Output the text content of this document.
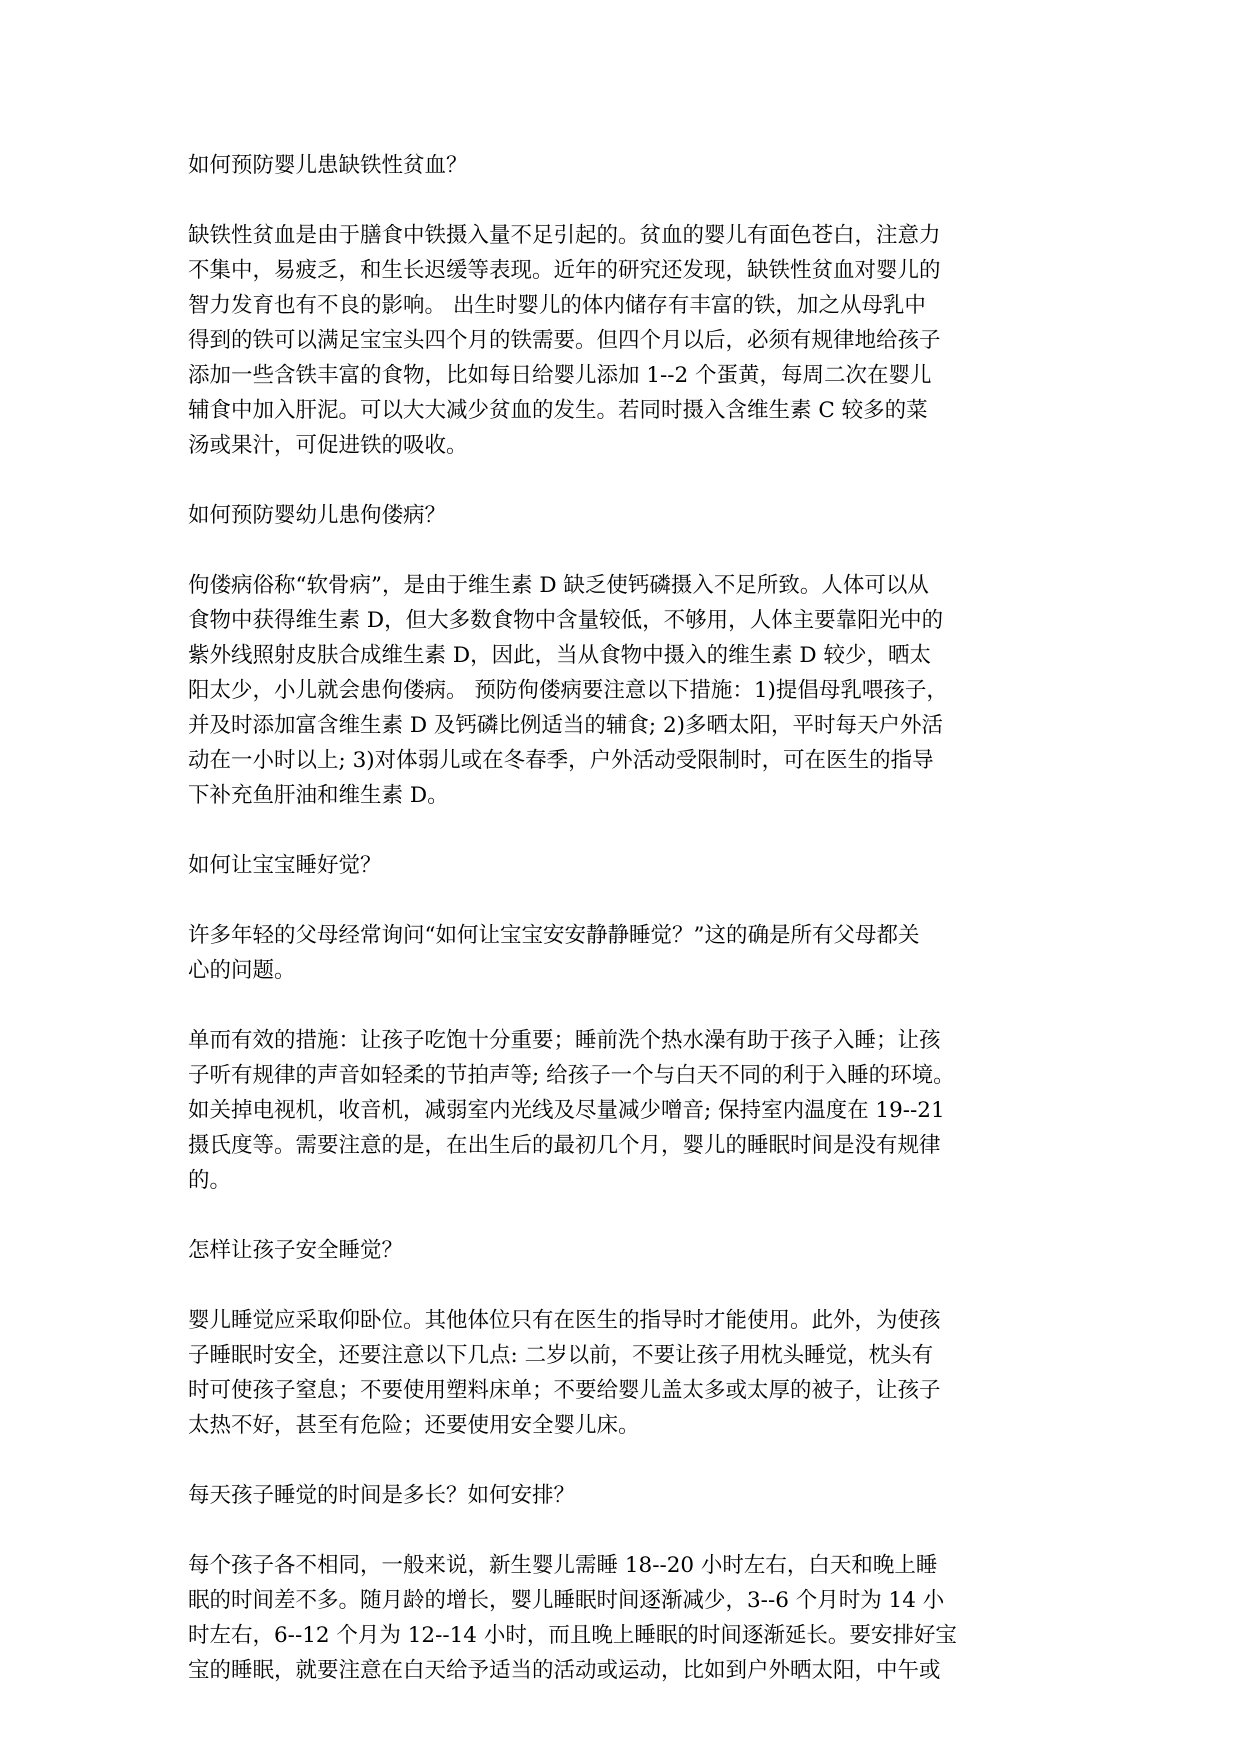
如何预防婴儿患缺铁性贫血？

缺铁性贫血是由于膳食中铁摄入量不足引起的。贫血的婴儿有面色苍白，注意力
不集中，易疲乏，和生长迟缓等表现。近年的研究还发现，缺铁性贫血对婴儿的
智力发育也有不良的影响。 出生时婴儿的体内储存有丰富的铁，加之从母乳中
得到的铁可以满足宝宝头四个月的铁需要。但四个月以后，必须有规律地给孩子
添加一些含铁丰富的食物，比如每日给婴儿添加 1--2 个蛋黄，每周二次在婴儿
辅食中加入肝泥。可以大大减少贫血的发生。若同时摄入含维生素 C 较多的菜
汤或果汁，可促进铁的吸收。

如何预防婴幼儿患佝偻病？

佝偻病俗称“软骨病”，是由于维生素 D 缺乏使钙磷摄入不足所致。人体可以从
食物中获得维生素 D，但大多数食物中含量较低，不够用，人体主要靠阳光中的
紫外线照射皮肤合成维生素 D，因此，当从食物中摄入的维生素 D 较少，晒太
阳太少，小儿就会患佝偻病。 预防佝偻病要注意以下措施：1)提倡母乳喂孩子，
并及时添加富含维生素 D 及钙磷比例适当的辅食; 2)多晒太阳，平时每天户外活
动在一小时以上; 3)对体弱儿或在冬春季，户外活动受限制时，可在医生的指导
下补充鱼肝油和维生素 D。

如何让宝宝睡好觉？

许多年轻的父母经常询问“如何让宝宝安安静静睡觉？”这的确是所有父母都关
心的问题。

单而有效的措施：让孩子吃饱十分重要；睡前洗个热水澡有助于孩子入睡；让孩
子听有规律的声音如轻柔的节拍声等; 给孩子一个与白天不同的利于入睡的环境。
如关掉电视机，收音机，减弱室内光线及尽量减少噌音; 保持室内温度在 19--21
摄氏度等。需要注意的是，在出生后的最初几个月，婴儿的睡眠时间是没有规律
的。

怎样让孩子安全睡觉？

婴儿睡觉应采取仰卧位。其他体位只有在医生的指导时才能使用。此外，为使孩
子睡眠时安全，还要注意以下几点: 二岁以前，不要让孩子用枕头睡觉，枕头有
时可使孩子窒息；不要使用塑料床单；不要给婴儿盖太多或太厚的被子，让孩子
太热不好，甚至有危险；还要使用安全婴儿床。

每天孩子睡觉的时间是多长？如何安排？

每个孩子各不相同，一般来说，新生婴儿需睡 18--20 小时左右，白天和晚上睡
眠的时间差不多。随月龄的增长，婴儿睡眠时间逐渐减少，3--6 个月时为 14 小
时左右，6--12 个月为 12--14 小时，而且晚上睡眠的时间逐渐延长。要安排好宝
宝的睡眠，就要注意在白天给予适当的活动或运动，比如到户外晒太阳，中午或
